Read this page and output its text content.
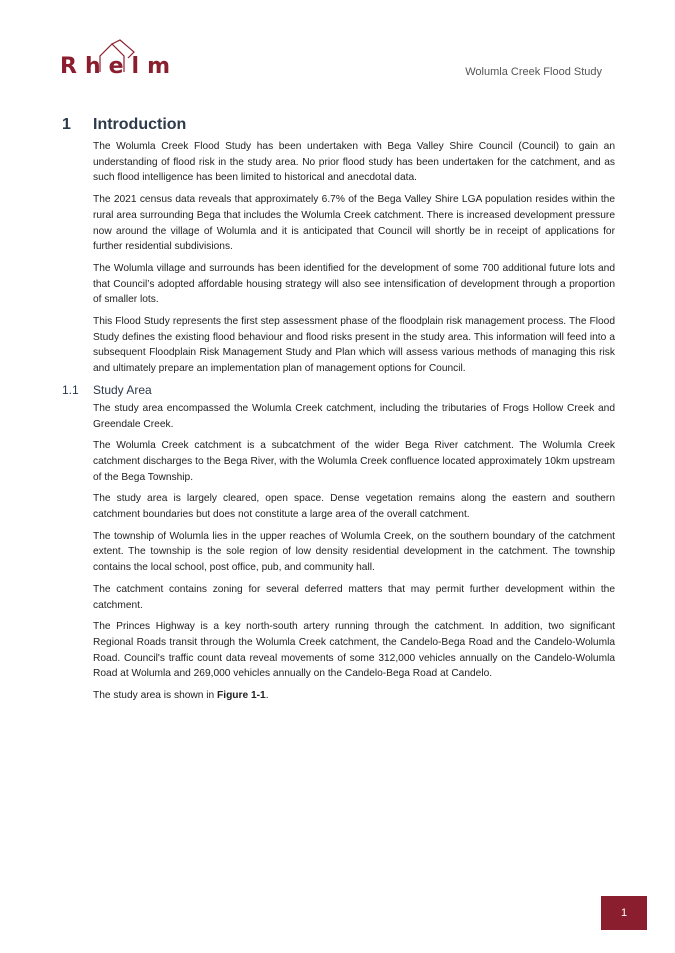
Rhelm	Wolumla Creek Flood Study
1	Introduction

The Wolumla Creek Flood Study has been undertaken with Bega Valley Shire Council (Council) to gain an understanding of flood risk in the study area. No prior flood study has been undertaken for the catchment, and as such flood intelligence has been limited to historical and anecdotal data.

The 2021 census data reveals that approximately 6.7% of the Bega Valley Shire LGA population resides within the rural area surrounding Bega that includes the Wolumla Creek catchment. There is increased development pressure now around the village of Wolumla and it is anticipated that Council will shortly be in receipt of applications for further residential subdivisions.

The Wolumla village and surrounds has been identified for the development of some 700 additional future lots and that Council’s adopted affordable housing strategy will also see intensification of development through a proportion of smaller lots.

This Flood Study represents the first step assessment phase of the floodplain risk management process. The Flood Study defines the existing flood behaviour and flood risks present in the study area. This information will feed into a subsequent Floodplain Risk Management Study and Plan which will assess various methods of managing this risk and ultimately prepare an implementation plan of management options for Council.

1.1	Study Area

The study area encompassed the Wolumla Creek catchment, including the tributaries of Frogs Hollow Creek and Greendale Creek.

The Wolumla Creek catchment is a subcatchment of the wider Bega River catchment. The Wolumla Creek catchment discharges to the Bega River, with the Wolumla Creek confluence located approximately 10km upstream of the Bega Township.

The study area is largely cleared, open space. Dense vegetation remains along the eastern and southern catchment boundaries but does not constitute a large area of the overall catchment.

The township of Wolumla lies in the upper reaches of Wolumla Creek, on the southern boundary of the catchment extent. The township is the sole region of low density residential development in the catchment. The township contains the local school, post office, pub, and community hall.

The catchment contains zoning for several deferred matters that may permit further development within the catchment.

The Princes Highway is a key north-south artery running through the catchment. In addition, two significant Regional Roads transit through the Wolumla Creek catchment, the Candelo-Bega Road and the Candelo-Wolumla Road. Council's traffic count data reveal movements of some 312,000 vehicles annually on the Candelo-Wolumla Road at Wolumla and 269,000 vehicles annually on the Candelo-Bega Road at Candelo.

The study area is shown in Figure 1-1.

1
